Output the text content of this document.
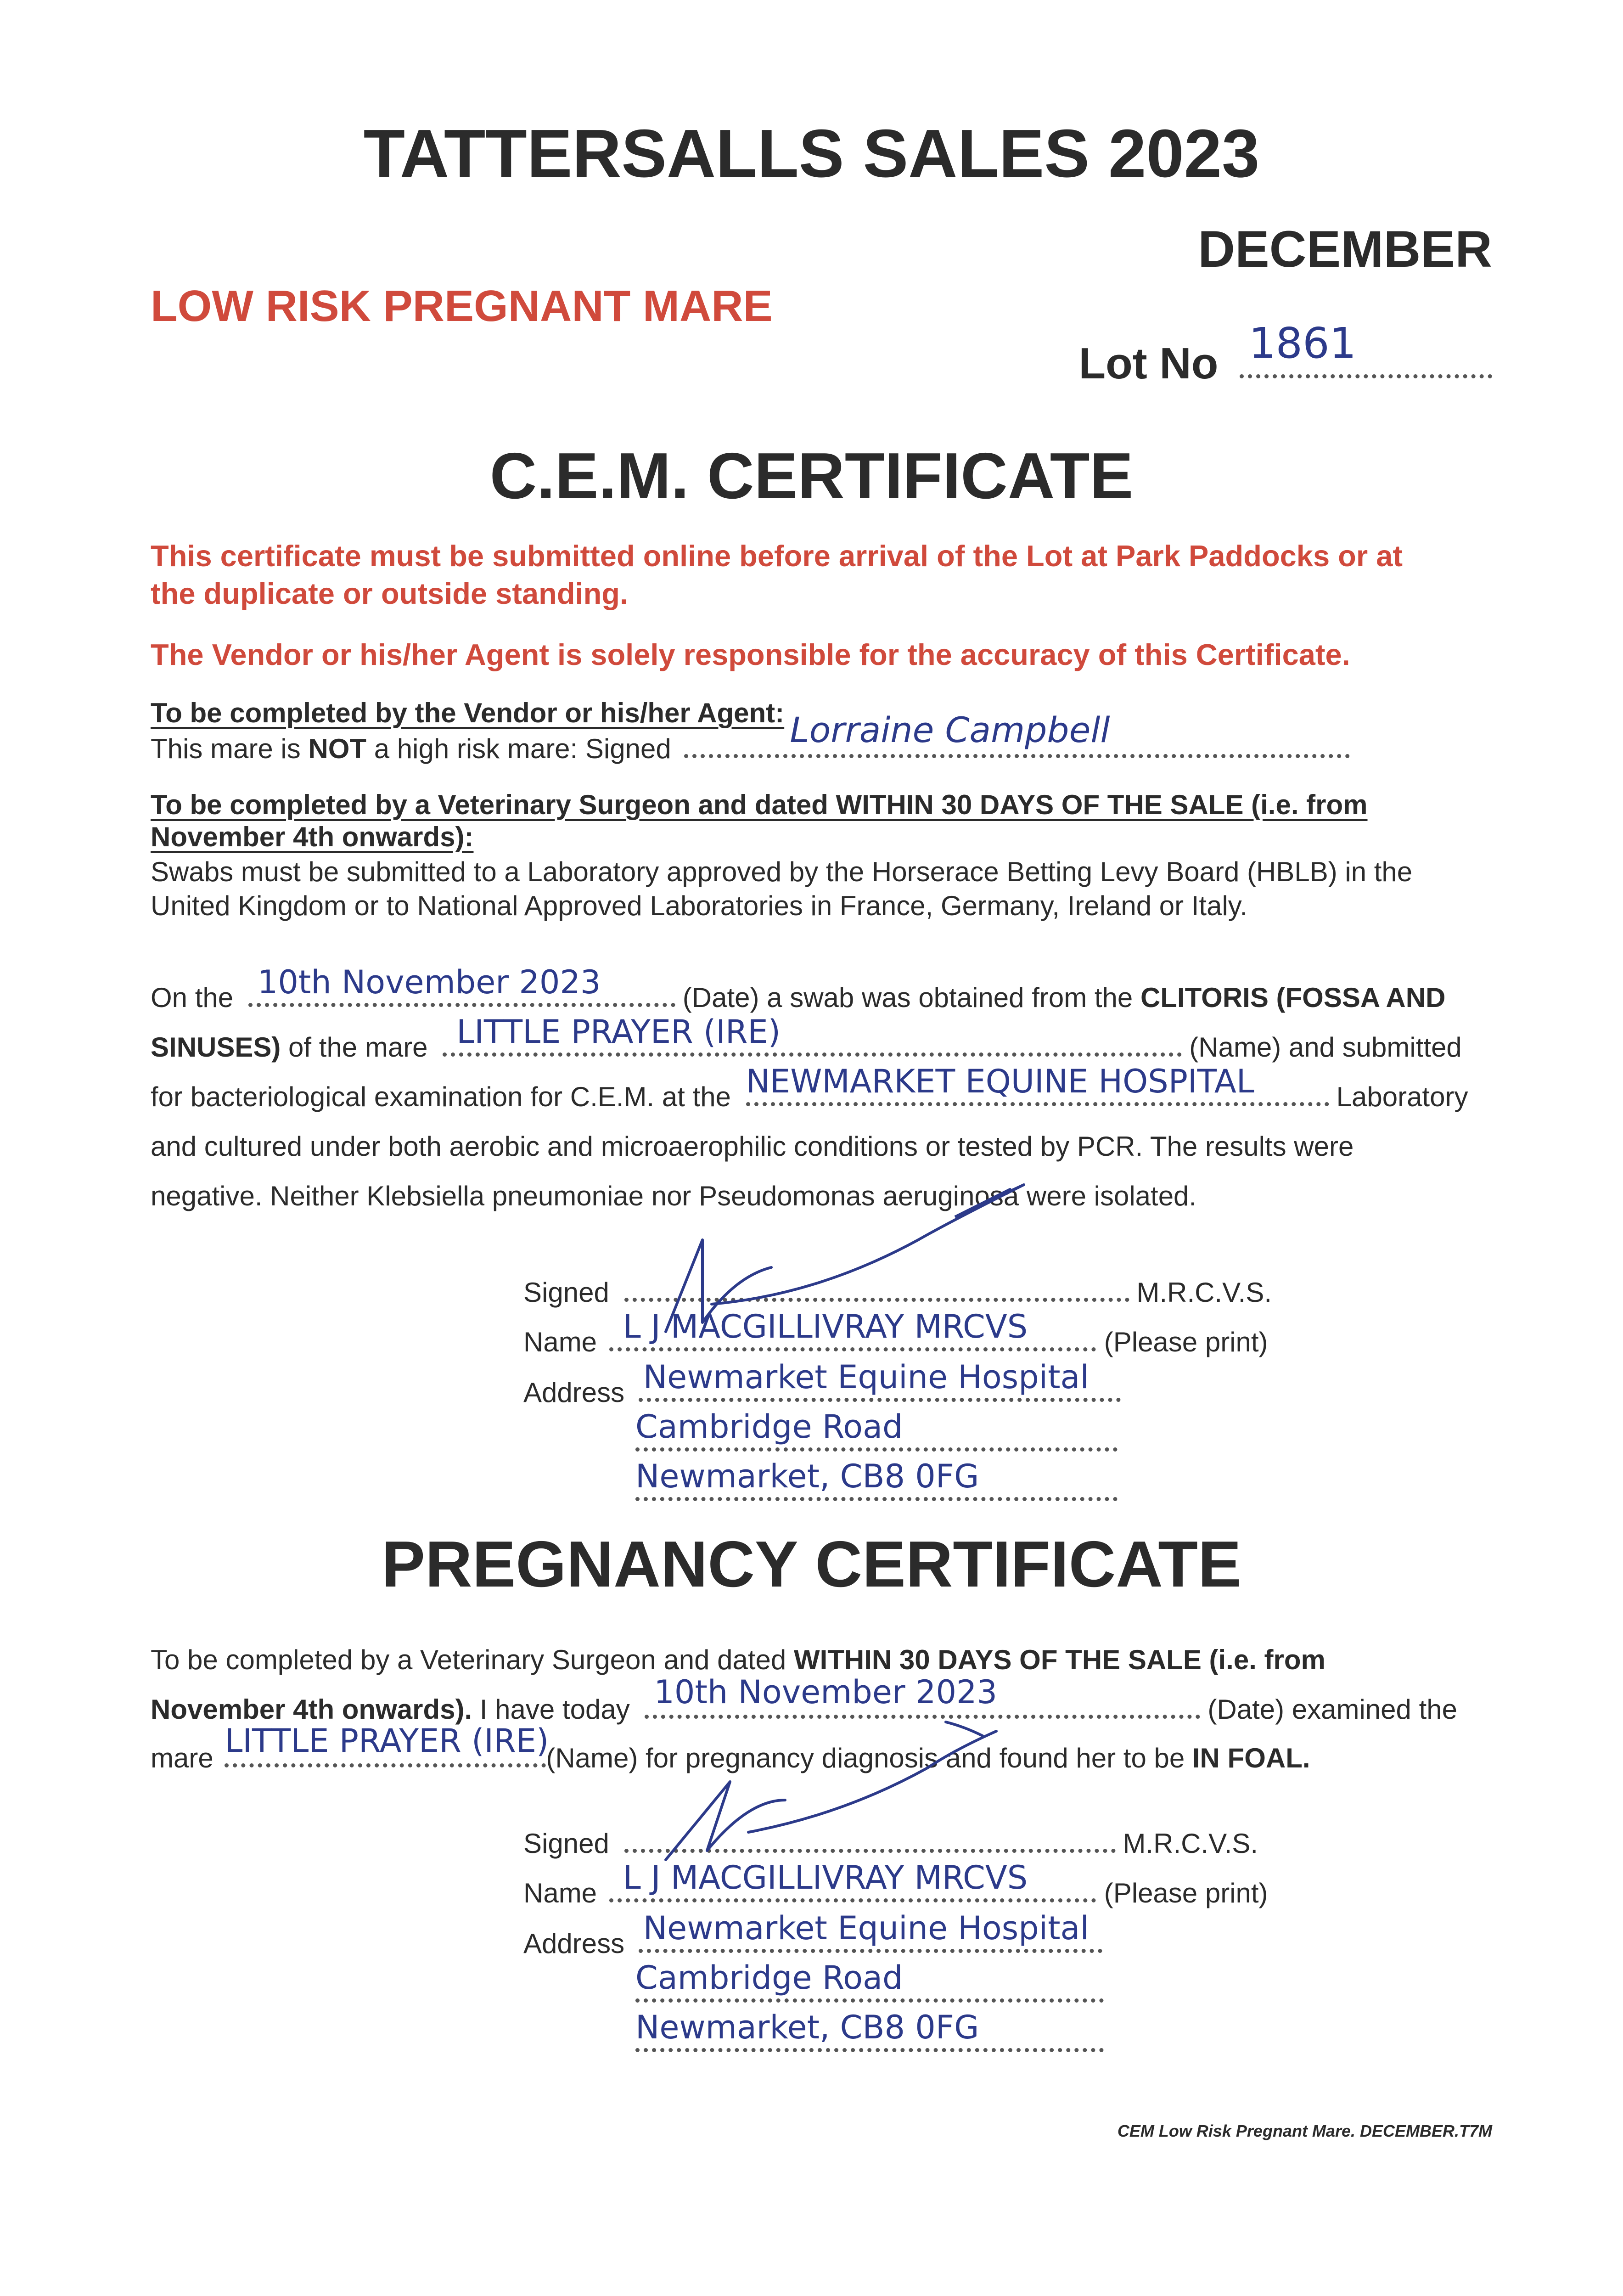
TATTERSALLS SALES 2023
DECEMBER
LOW RISK PREGNANT MARE
Lot No 1861
C.E.M. CERTIFICATE
This certificate must be submitted online before arrival of the Lot at Park Paddocks or at
the duplicate or outside standing.
The Vendor or his/her Agent is solely responsible for the accuracy of this Certificate.
To be completed by the Vendor or his/her Agent:
This mare is NOT a high risk mare: Signed	Lorraine Campbell
To be completed by a Veterinary Surgeon and dated WITHIN 30 DAYS OF THE SALE (i.e. from
November 4th onwards):
Swabs must be submitted to a Laboratory approved by the Horserace Betting Levy Board (HBLB) in the
United Kingdom or to National Approved Laboratories in France, Germany, Ireland or Italy.
On the 10th November 2023	(Date) a swab was obtained from the CLITORIS (FOSSA AND
SINUSES) of the mare LITTLE PRAYER (IRE)	(Name) and submitted
for bacteriological examination for C.E.M. at the NEWMARKET EQUINE HOSPITAL	Laboratory
and cultured under both aerobic and microaerophilic conditions or tested by PCR. The results were
negative. Neither Klebsiella pneumoniae nor Pseudomonas aeruginosa were isolated.
Signed	M.R.C.V.S.
Name L J MACGILLIVRAY MRCVS	(Please print)
Address Newmarket Equine Hospital
Cambridge Road
Newmarket, CB8 0FG
PREGNANCY CERTIFICATE
To be completed by a Veterinary Surgeon and dated WITHIN 30 DAYS OF THE SALE (i.e. from
November 4th onwards). I have today 10th November 2023	(Date) examined the
mare LITTLE PRAYER (IRE)
(Name) for pregnancy diagnosis and found her to be IN FOAL.
Signed	M.R.C.V.S.
Name L J MACGILLIVRAY MRCVS	(Please print)
Address Newmarket Equine Hospital
Cambridge Road
Newmarket, CB8 0FG
CEM Low Risk Pregnant Mare. DECEMBER.T7M
